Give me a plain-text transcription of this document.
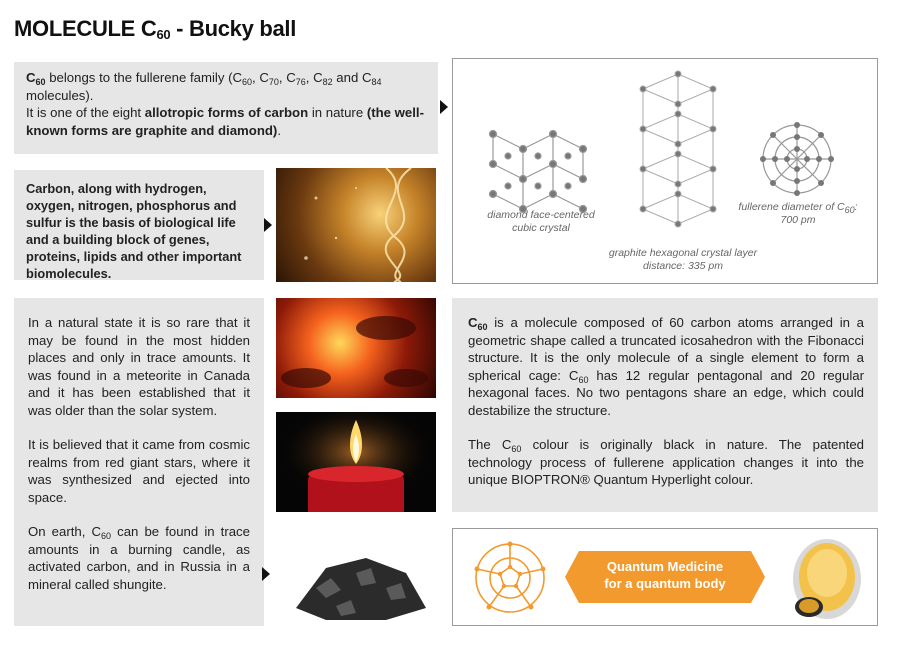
MOLECULE $C_{60}$ - Bucky ball
$C_{60}$ belongs to the fullerene family ($C_{60}$, $C_{70}$, $C_{76}$, $C_{82}$ and $C_{84}$ molecules).
It is one of the eight allotropic forms of carbon in nature (the well-known forms are graphite and diamond).
diamond face-centered cubic crystal
graphite hexagonal crystal layer distance: 335 pm
fullerene diameter of $C_{60}$:
700 pm
Carbon, along with hydrogen, oxygen, nitrogen, phosphorus and sulfur is the basis of biological life and a building block of genes, proteins, lipids and other important biomolecules.

In a natural state it is so rare that it may be found in the most hidden places and only in trace amounts. It was found in a meteorite in Canada and it has been established that it was older than the solar system.

It is believed that it came from cosmic realms from red giant stars, where it was synthesized and ejected into space.

On earth, $C_{60}$ can be found in trace amounts in a burning candle, as activated carbon, and in Russia in a mineral called shungite.

$C_{60}$ is a molecule composed of 60 carbon atoms arranged in a geometric shape called a truncated icosahedron with the Fibonacci structure. It is the only molecule of a single element to form a spherical cage: $C_{60}$ has 12 regular pentagonal and 20 regular hexagonal faces. No two pentagons share an edge, which could destabilize the structure.

The $C_{60}$ colour is originally black in nature. The patented technology process of fullerene application changes it into the unique BIOPTRON® Quantum Hyperlight colour.

Quantum Medicine
for a quantum body
